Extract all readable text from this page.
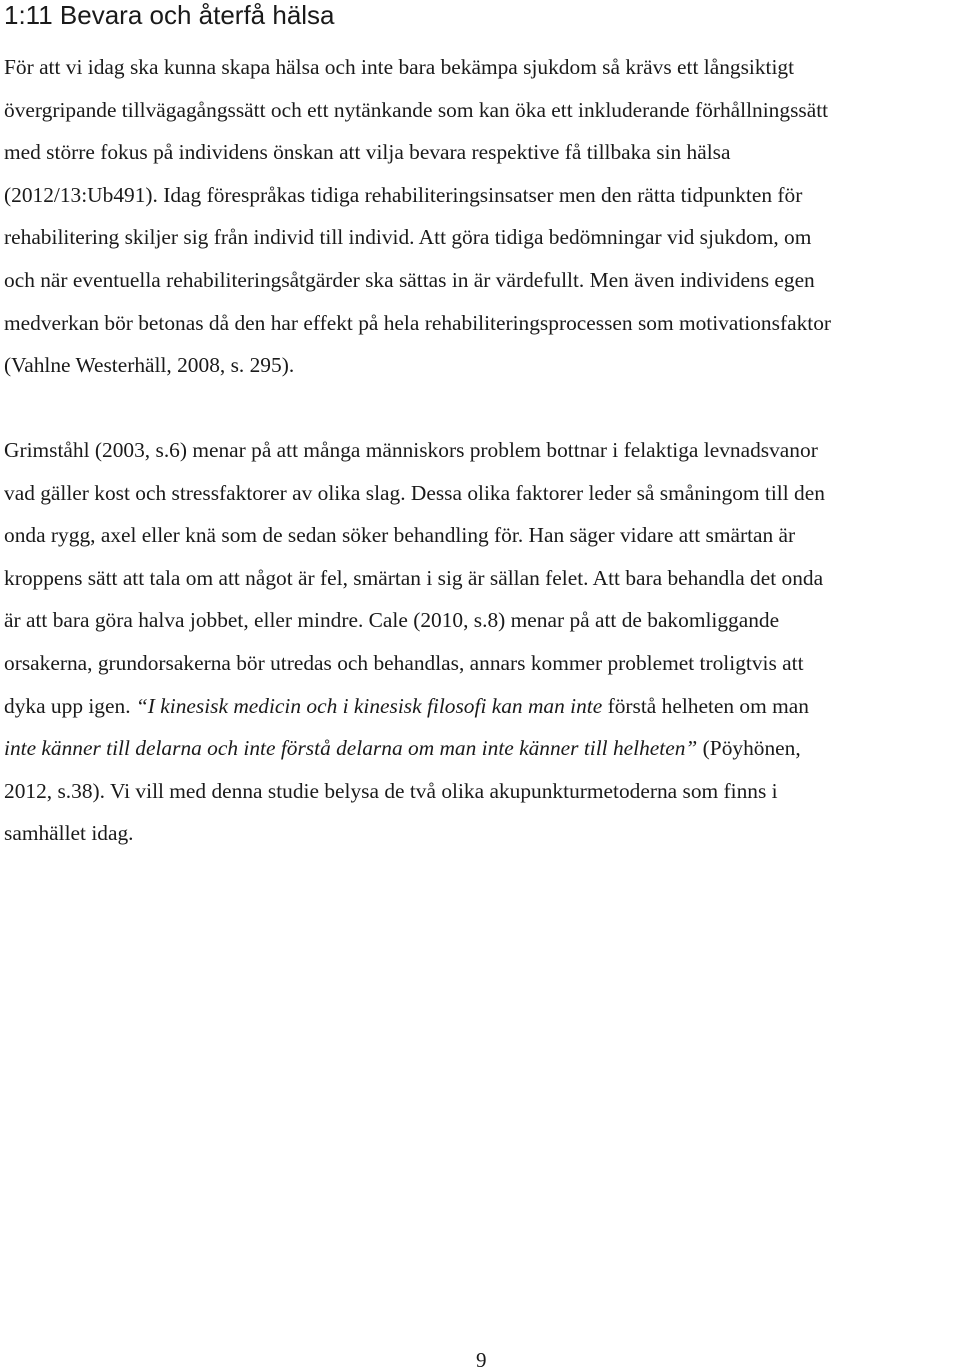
1:11 Bevara och återfå hälsa
För att vi idag ska kunna skapa hälsa och inte bara bekämpa sjukdom så krävs ett långsiktigt
övergripande tillvägagångssätt och ett nytänkande som kan öka ett inkluderande förhållningssätt
med större fokus på individens önskan att vilja bevara respektive få tillbaka sin hälsa
(2012/13:Ub491). Idag förespråkas tidiga rehabiliteringsinsatser men den rätta tidpunkten för
rehabilitering skiljer sig från individ till individ. Att göra tidiga bedömningar vid sjukdom, om
och när eventuella rehabiliteringsåtgärder ska sättas in är värdefullt. Men även individens egen
medverkan bör betonas då den har effekt på hela rehabiliteringsprocessen som motivationsfaktor
(Vahlne Westerhäll, 2008, s. 295).
Grimståhl (2003, s.6) menar på att många människors problem bottnar i felaktiga levnadsvanor
vad gäller kost och stressfaktorer av olika slag. Dessa olika faktorer leder så småningom till den
onda rygg, axel eller knä som de sedan söker behandling för. Han säger vidare att smärtan är
kroppens sätt att tala om att något är fel, smärtan i sig är sällan felet. Att bara behandla det onda
är att bara göra halva jobbet, eller mindre. Cale (2010, s.8) menar på att de bakomliggande
orsakerna, grundorsakerna bör utredas och behandlas, annars kommer problemet troligtvis att
dyka upp igen. “I kinesisk medicin och i kinesisk filosofi kan man inte förstå helheten om man
inte känner till delarna och inte förstå delarna om man inte känner till helheten” (Pöyhönen,
2012, s.38). Vi vill med denna studie belysa de två olika akupunkturmetoderna som finns i
samhället idag.
9
